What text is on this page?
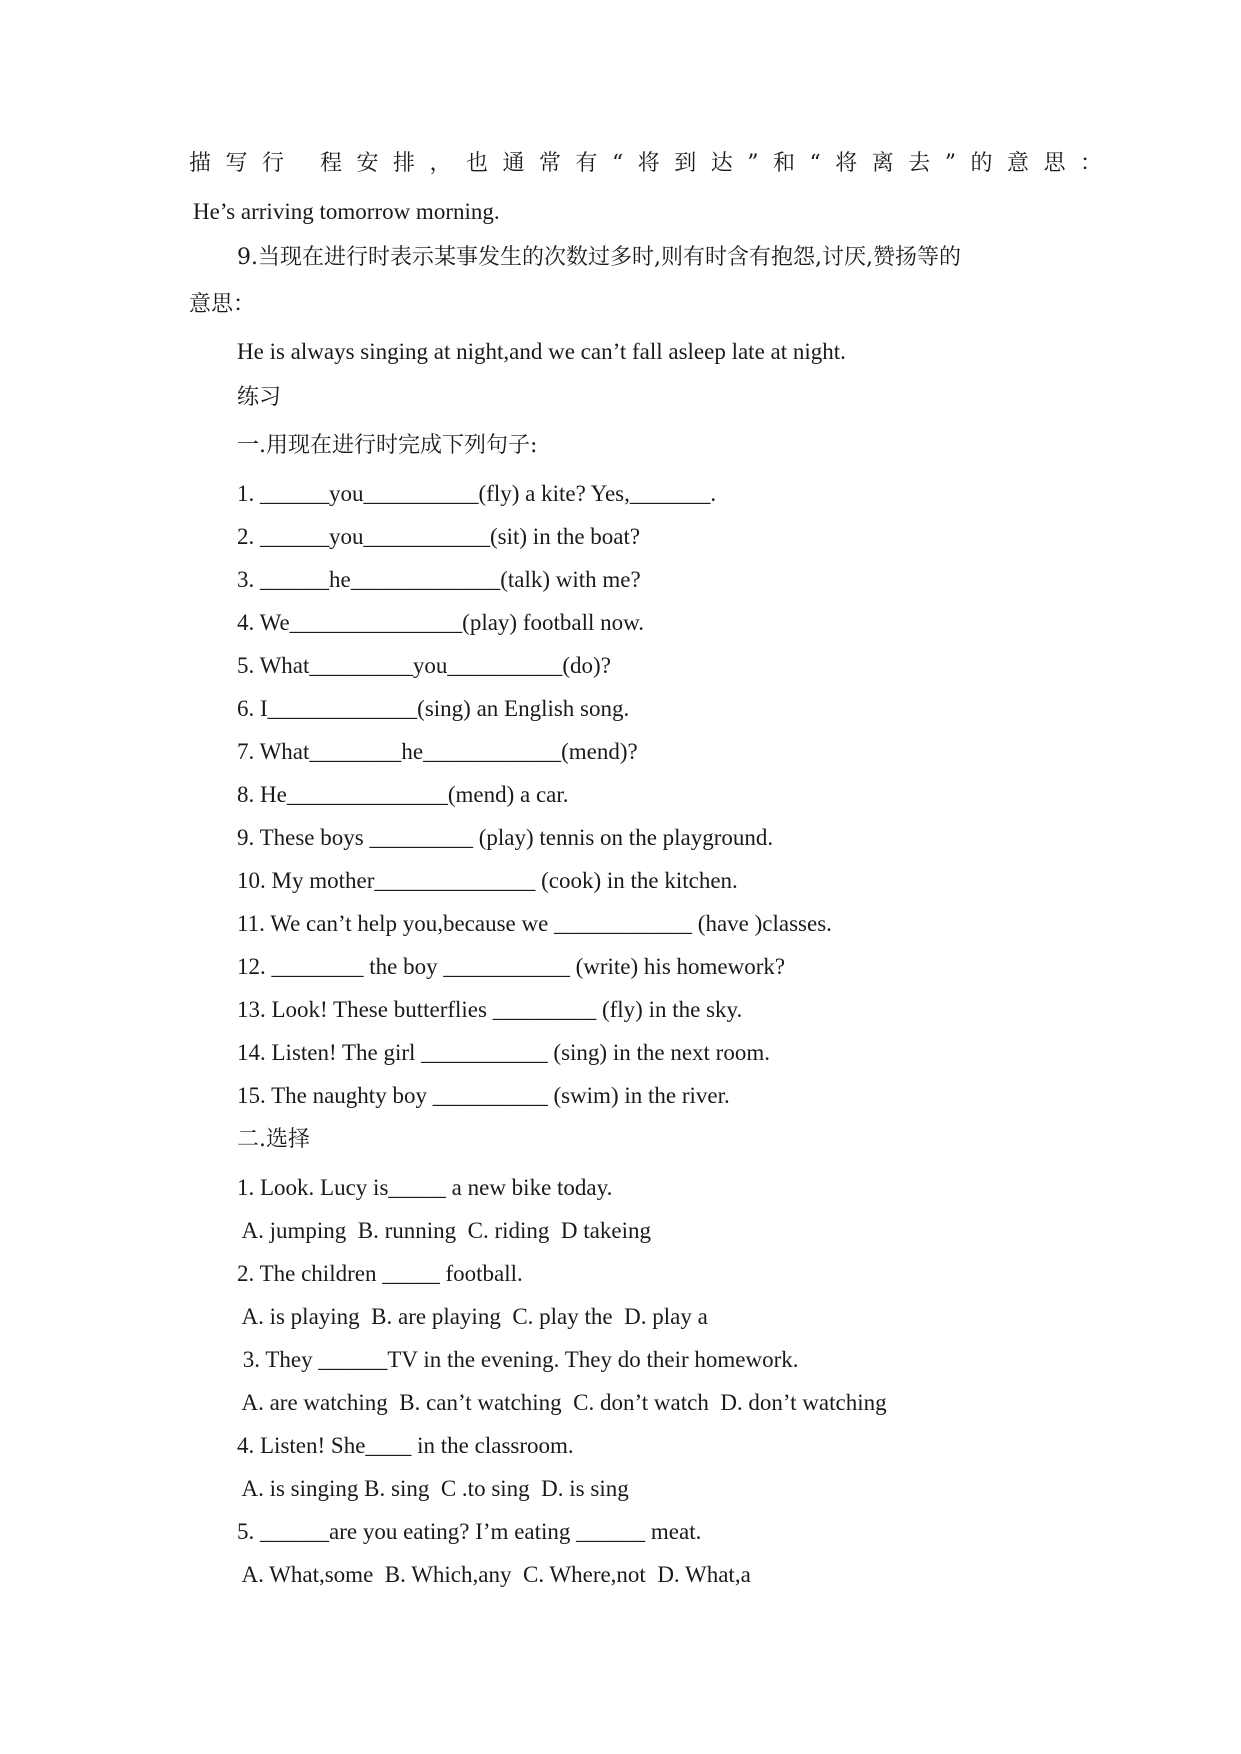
描写行 程安排，也通常有“将到达”和“将离去”的意思：
He’s arriving tomorrow morning.
9.当现在进行时表示某事发生的次数过多时,则有时含有抱怨,讨厌,赞扬等的
意思：
He is always singing at night,and we can’t fall asleep late at night.
练习
一.用现在进行时完成下列句子:
1. ______you__________(fly) a kite? Yes,_______.
2. ______you___________(sit) in the boat?
3. ______he_____________(talk) with me?
4. We_______________(play) football now.
5. What_________you__________(do)?
6. I_____________(sing) an English song.
7. What________he____________(mend)?
8. He______________(mend) a car.
9. These boys _________ (play) tennis on the playground.
10. My mother______________ (cook) in the kitchen.
11. We can’t help you,because we ____________ (have )classes.
12. ________ the boy ___________ (write) his homework?
13. Look! These butterflies _________ (fly) in the sky.
14. Listen! The girl ___________ (sing) in the next room.
15. The naughty boy __________ (swim) in the river.
二.选择
1. Look. Lucy is_____ a new bike today.
A. jumping  B. running  C. riding  D takeing
2. The children _____ football.
A. is playing  B. are playing  C. play the  D. play a
3. They ______TV in the evening. They do their homework.
A. are watching  B. can’t watching  C. don’t watch  D. don’t watching
4. Listen! She____ in the classroom.
A. is singing B. sing  C .to sing  D. is sing
5. ______are you eating? I’m eating ______ meat.
A. What,some  B. Which,any  C. Where,not  D. What,a
